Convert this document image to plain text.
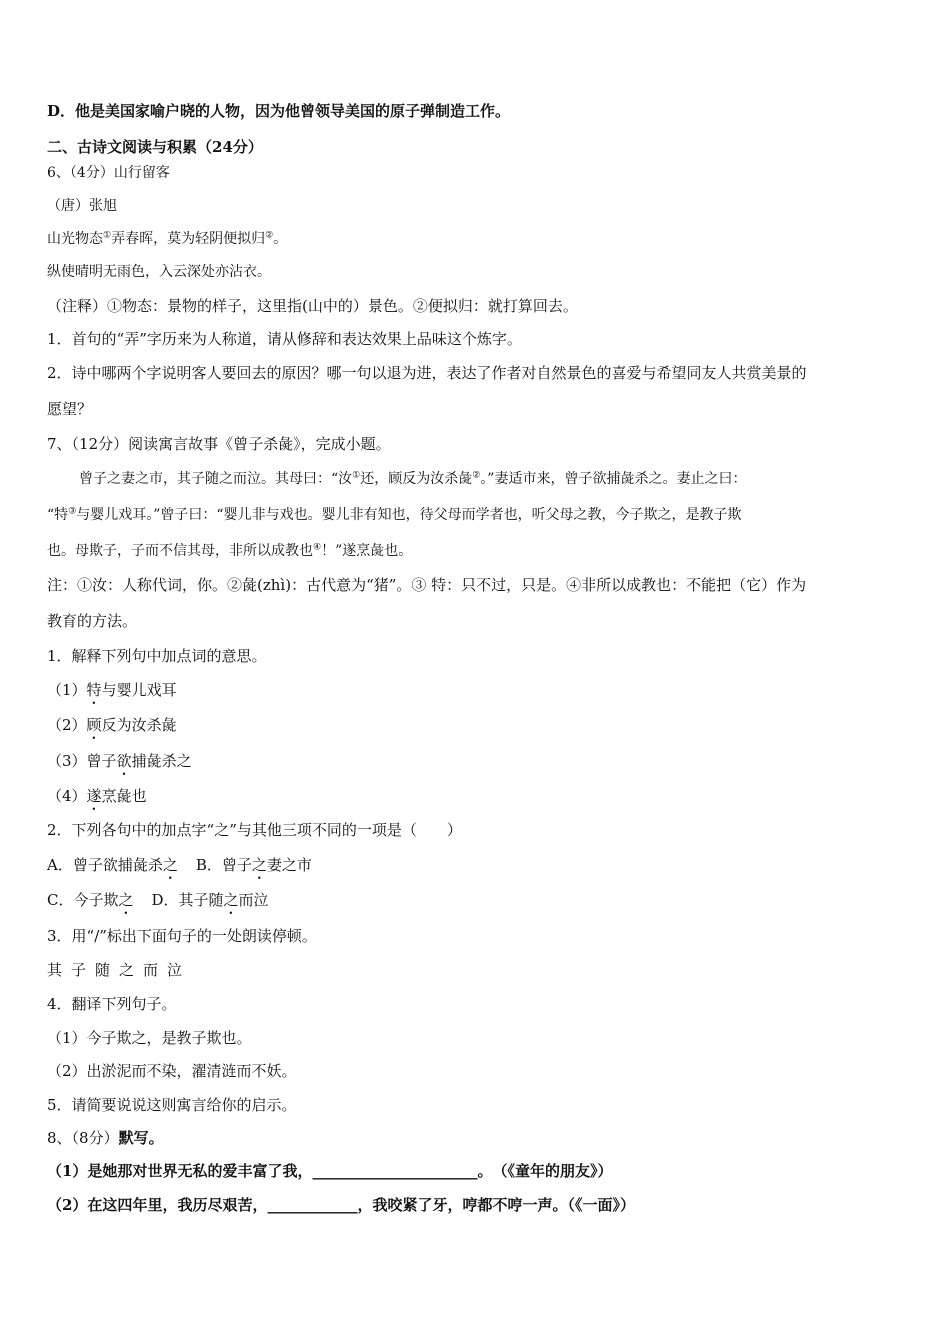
D．他是美国家喻户晓的人物，因为他曾领导美国的原子弹制造工作。
二、古诗文阅读与积累（24分）
6、（4分）山行留客
（唐）张旭
山光物态①弄春晖，莫为轻阴便拟归②。
纵使晴明无雨色，入云深处亦沾衣。
（注释）①物态：景物的样子，这里指(山中的）景色。②便拟归：就打算回去。
1．首句的“弄”字历来为人称道，请从修辞和表达效果上品味这个炼字。
2．诗中哪两个字说明客人要回去的原因？哪一句以退为进，表达了作者对自然景色的喜爱与希望同友人共赏美景的
愿望？
7、（12分）阅读寓言故事《曾子杀彘》，完成小题。
曾子之妻之市，其子随之而泣。其母曰：“汝①还，顾反为汝杀彘②。”妻适市来，曾子欲捕彘杀之。妻止之曰：
“特③与婴儿戏耳。”曾子曰：“婴儿非与戏也。婴儿非有知也，待父母而学者也，听父母之教，今子欺之，是教子欺
也。母欺子，子而不信其母，非所以成教也④！”遂烹彘也。
注：①汝：人称代词，你。②彘(zhì)：古代意为“猪”。③ 特：只不过，只是。④非所以成教也：不能把（它）作为
教育的方法。
1．解释下列句中加点词的意思。
（1）特与婴儿戏耳
（2）顾反为汝杀彘
（3）曾子欲捕彘杀之
（4）遂烹彘也
2．下列各句中的加点字“之”与其他三项不同的一项是（　　）
A．曾子欲捕彘杀之 B．曾子之妻之市
C．今子欺之 D．其子随之而泣
3．用“/”标出下面句子的一处朗读停顿。
其子随之而泣
4．翻译下列句子。
（1）今子欺之，是教子欺也。
（2）出淤泥而不染，濯清涟而不妖。
5．请简要说说这则寓言给你的启示。
8、（8分）默写。
（1）是她那对世界无私的爱丰富了我，______________________。　（《童年的朋友》）
（2）在这四年里，我历尽艰苦，____________，我咬紧了牙，哼都不哼一声。（《一面》）
